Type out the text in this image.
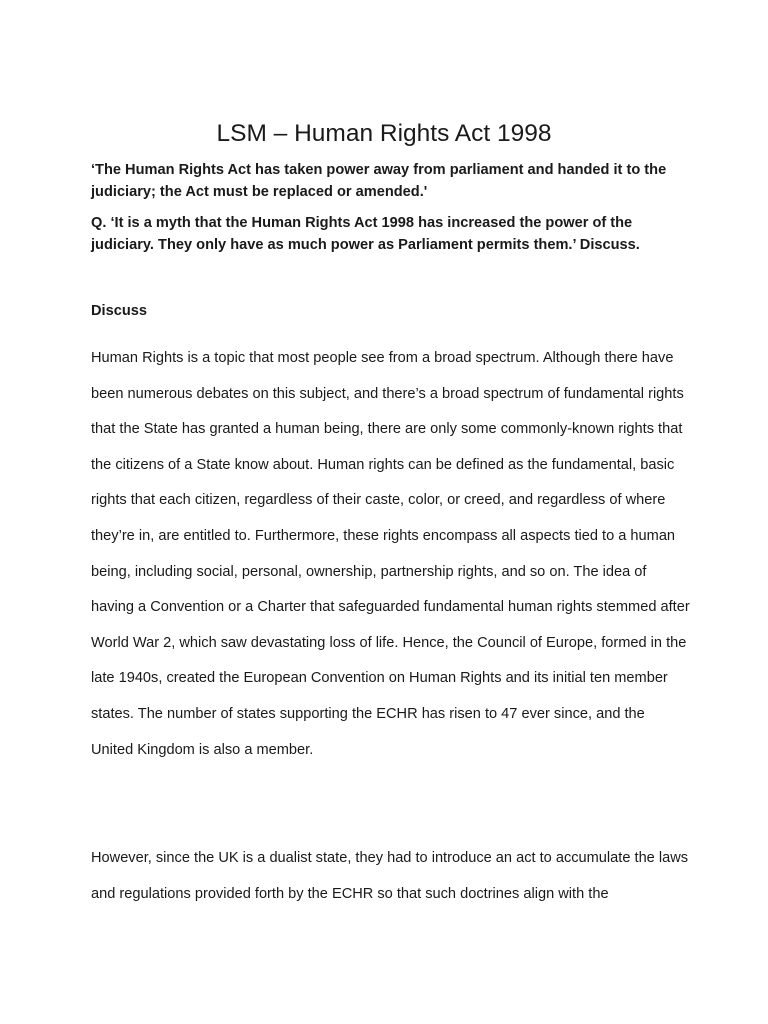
LSM – Human Rights Act 1998

‘The Human Rights Act has taken power away from parliament and handed it to the judiciary; the Act must be replaced or amended.'

Q. ‘It is a myth that the Human Rights Act 1998 has increased the power of the judiciary. They only have as much power as Parliament permits them.’ Discuss.

Discuss

Human Rights is a topic that most people see from a broad spectrum. Although there have been numerous debates on this subject, and there’s a broad spectrum of fundamental rights that the State has granted a human being, there are only some commonly-known rights that the citizens of a State know about. Human rights can be defined as the fundamental, basic rights that each citizen, regardless of their caste, color, or creed, and regardless of where they’re in, are entitled to. Furthermore, these rights encompass all aspects tied to a human being, including social, personal, ownership, partnership rights, and so on. The idea of having a Convention or a Charter that safeguarded fundamental human rights stemmed after World War 2, which saw devastating loss of life. Hence, the Council of Europe, formed in the late 1940s, created the European Convention on Human Rights and its initial ten member states. The number of states supporting the ECHR has risen to 47 ever since, and the United Kingdom is also a member.

However, since the UK is a dualist state, they had to introduce an act to accumulate the laws and regulations provided forth by the ECHR so that such doctrines align with the
